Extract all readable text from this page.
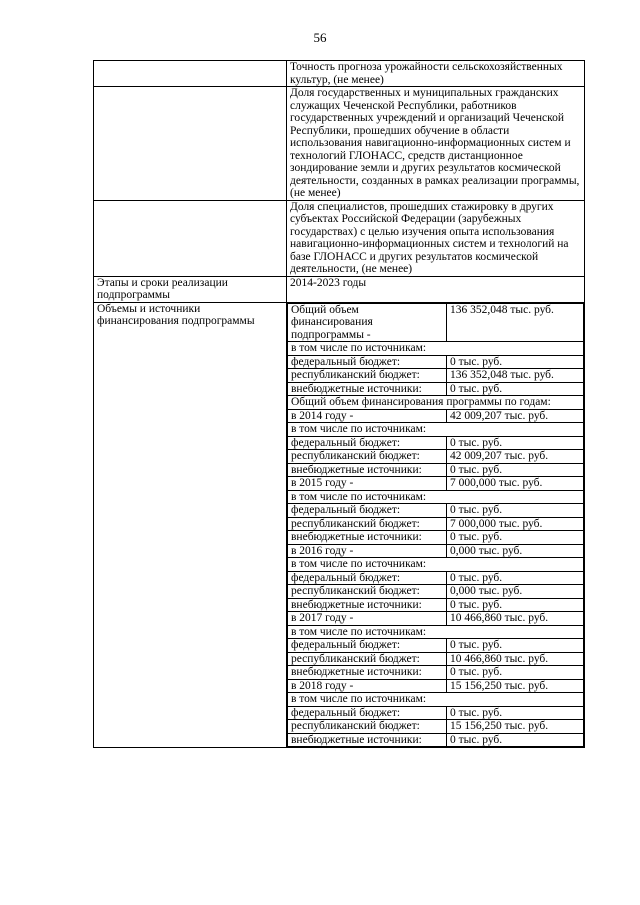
56
	Точность прогноза урожайности сельскохозяйственных культур, (не менее)
	Доля государственных и муниципальных гражданских служащих Чеченской Республики, работников государственных учреждений и организаций Чеченской Республики, прошедших обучение в области использования навигационно-информационных систем и технологий ГЛОНАСС, средств дистанционное зондирование земли и других результатов космической деятельности, созданных в рамках реализации программы, (не менее)
	Доля специалистов, прошедших стажировку в других субъектах Российской Федерации (зарубежных государствах) с целью изучения опыта использования навигационно-информационных систем и технологий на базе ГЛОНАСС и других результатов космической деятельности, (не менее)
Этапы и сроки реализации подпрограммы	2014-2023 годы
Объемы и источники финансирования подпрограммы	
Общий объем финансирования подпрограммы -	136 352,048 тыс. руб.
в том числе по источникам:
федеральный бюджет:	0 тыс. руб.
республиканский бюджет:	136 352,048 тыс. руб.
внебюджетные источники:	0 тыс. руб.
Общий объем финансирования программы по годам:
в 2014 году -	42 009,207 тыс. руб.
в том числе по источникам:
федеральный бюджет:	0 тыс. руб.
республиканский бюджет:	42 009,207 тыс. руб.
внебюджетные источники:	0 тыс. руб.
в 2015 году -	7 000,000 тыс. руб.
в том числе по источникам:
федеральный бюджет:	0 тыс. руб.
республиканский бюджет:	7 000,000 тыс. руб.
внебюджетные источники:	0 тыс. руб.
в 2016 году -	0,000 тыс. руб.
в том числе по источникам:
федеральный бюджет:	0 тыс. руб.
республиканский бюджет:	0,000 тыс. руб.
внебюджетные источники:	0 тыс. руб.
в 2017 году -	10 466,860 тыс. руб.
в том числе по источникам:
федеральный бюджет:	0 тыс. руб.
республиканский бюджет:	10 466,860 тыс. руб.
внебюджетные источники:	0 тыс. руб.
в 2018 году -	15 156,250 тыс. руб.
в том числе по источникам:
федеральный бюджет:	0 тыс. руб.
республиканский бюджет:	15 156,250 тыс. руб.
внебюджетные источники:	0 тыс. руб.
